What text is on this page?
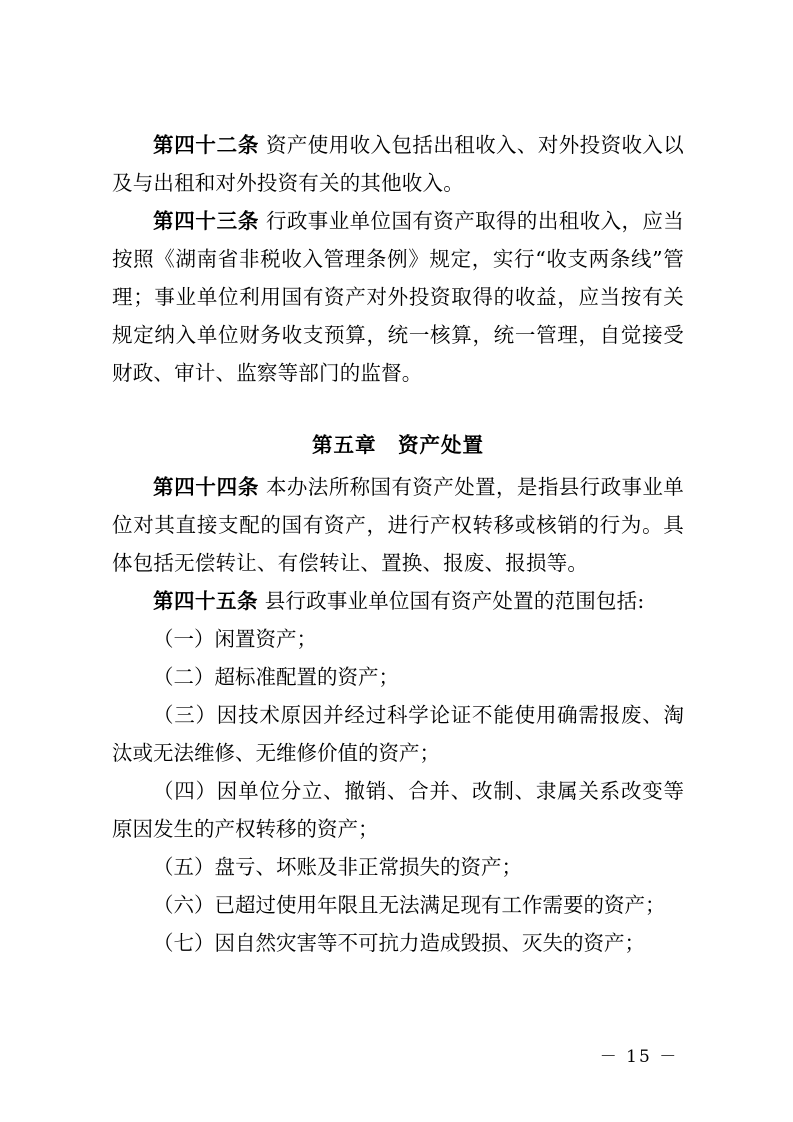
第四十二条 资产使用收入包括出租收入、对外投资收入以及与出租和对外投资有关的其他收入。

第四十三条 行政事业单位国有资产取得的出租收入，应当按照《湖南省非税收入管理条例》规定，实行“收支两条线”管理；事业单位利用国有资产对外投资取得的收益，应当按有关规定纳入单位财务收支预算，统一核算，统一管理，自觉接受财政、审计、监察等部门的监督。

第五章　资产处置

第四十四条 本办法所称国有资产处置，是指县行政事业单位对其直接支配的国有资产，进行产权转移或核销的行为。具体包括无偿转让、有偿转让、置换、报废、报损等。

第四十五条 县行政事业单位国有资产处置的范围包括:

（一）闲置资产；

（二）超标准配置的资产；

（三）因技术原因并经过科学论证不能使用确需报废、淘汰或无法维修、无维修价值的资产；

（四）因单位分立、撤销、合并、改制、隶属关系改变等原因发生的产权转移的资产；

（五）盘亏、坏账及非正常损失的资产；

（六）已超过使用年限且无法满足现有工作需要的资产；

（七）因自然灾害等不可抗力造成毁损、灭失的资产；

－ 15 －
